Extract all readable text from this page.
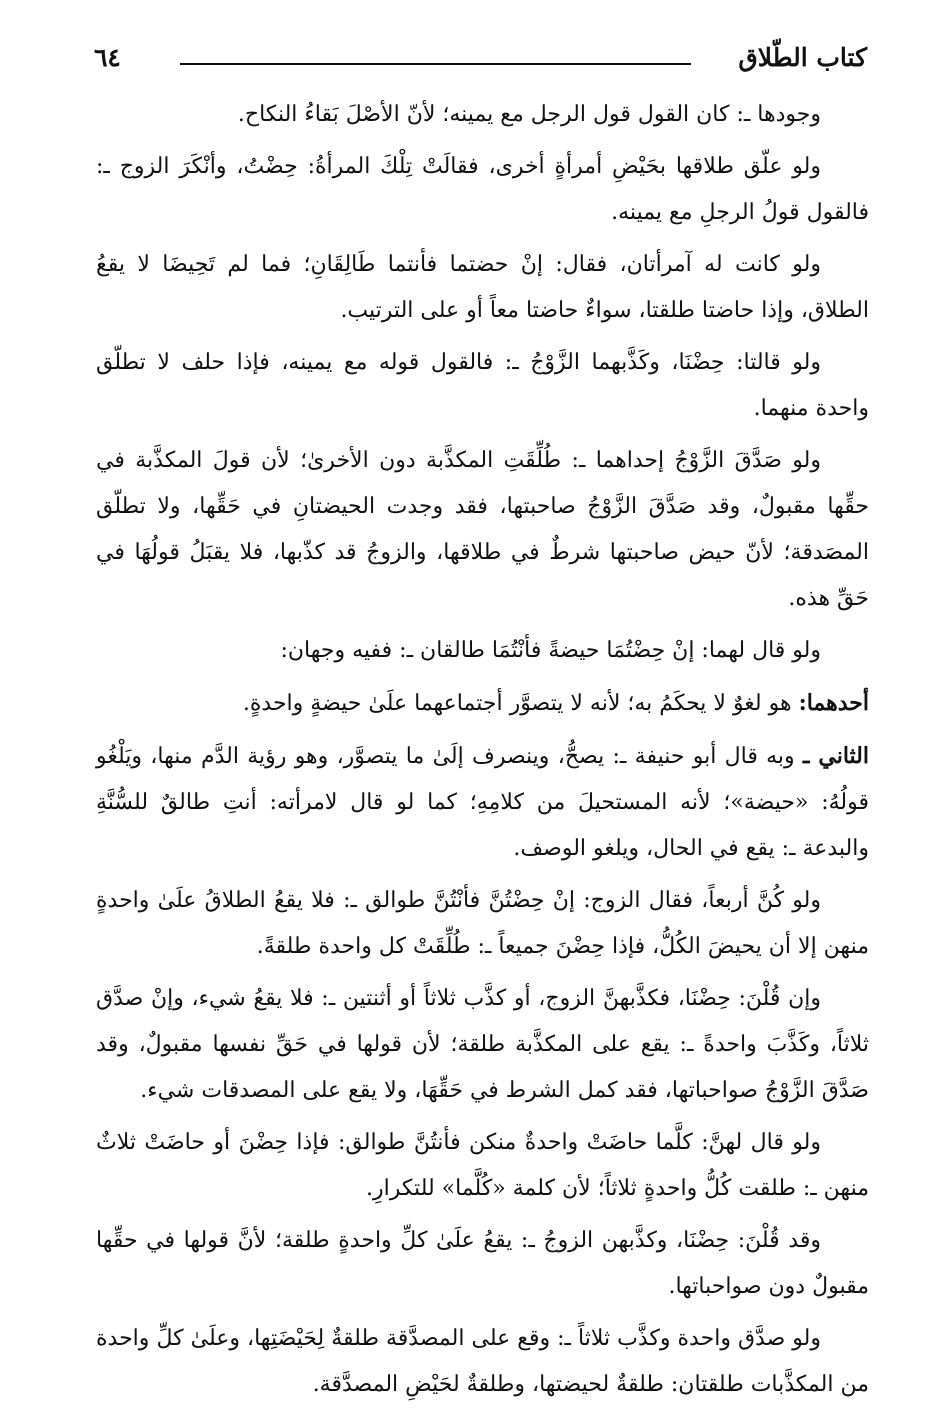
كتاب الطّلاق
٦٤

وجودها ـ: كان القول قول الرجل مع يمينه؛ لأنّ الأصْلَ بَقاءُ النكاح.

ولو علّق طلاقها بحَيْضِ أمرأةٍ أخرى، فقالَتْ تِلْكَ المرأةُ: حِضْتُ، وأنْكَرَ الزوج ـ: فالقول قولُ الرجلِ مع يمينه.

ولو كانت له آمرأتان، فقال: إنْ حضتما فأنتما طَالِقَانِ؛ فما لم تَحِيضَا لا يقعُ الطلاق، وإذا حاضتا طلقتا، سواءٌ حاضتا معاً أو على الترتيب.

ولو قالتا: حِضْنَا، وكَذَّبهما الزَّوْجُ ـ: فالقول قوله مع يمينه، فإذا حلف لا تطلّق واحدة منهما.

ولو صَدَّقَ الزَّوْجُ إحداهما ـ: طُلِّقَتِ المكذَّبة دون الأخرىٰ؛ لأن قولَ المكذَّبة في حقِّها مقبولٌ، وقد صَدَّقَ الزَّوْجُ صاحبتها، فقد وجدت الحيضتانِ في حَقِّها، ولا تطلّق المصَدقة؛ لأنّ حيض صاحبتها شرطٌ في طلاقها، والزوجُ قد كذّبها، فلا يقبَلُ قولُهَا في حَقِّ هذه.

ولو قال لهما: إنْ حِضْتُمَا حيضةً فأنْتُمَا طالقان ـ: ففيه وجهان:

أحدهما: هو لغوٌ لا يحكَمُ به؛ لأنه لا يتصوَّر أجتماعهما علَىٰ حيضةٍ واحدةٍ.

الثاني ـ وبه قال أبو حنيفة ـ: يصحُّ، وينصرف إلَىٰ ما يتصوَّر، وهو رؤية الدَّم منها، ويَلْغُو قولُهُ: «حيضة»؛ لأنه المستحيلَ من كلامِهِ؛ كما لو قال لامرأته: أنتِ طالقٌ للسُّنَّةِ والبدعة ـ: يقع في الحال، ويلغو الوصف.

ولو كُنَّ أربعاً، فقال الزوج: إنْ حِضْتُنَّ فأنْتُنَّ طوالق ـ: فلا يقعُ الطلاقُ علَىٰ واحدةٍ منهن إلا أن يحيضَ الكُلُّ، فإذا حِضْنَ جميعاً ـ: طُلِّقَتْ كل واحدة طلقةً.

وإن قُلْنَ: حِضْنَا، فكذَّبهنَّ الزوج، أو كذَّب ثلاثاً أو أثنتين ـ: فلا يقعُ شيء، وإنْ صدَّق ثلاثاً، وكَذَّبَ واحدةً ـ: يقع على المكذَّبة طلقة؛ لأن قولها في حَقِّ نفسها مقبولٌ، وقد صَدَّقَ الزَّوْجُ صواحباتها، فقد كمل الشرط في حَقِّهَا، ولا يقع على المصدقات شيء.

ولو قال لهنَّ: كلَّما حاضَتْ واحدةٌ منكن فأنتُنَّ طوالق: فإذا حِضْنَ أو حاضَتْ ثلاثٌ منهن ـ: طلقت كُلُّ واحدةٍ ثلاثاً؛ لأن كلمة «كُلَّما» للتكرارِ.

وقد قُلْنَ: حِضْنَا، وكذَّبهن الزوجُ ـ: يقعُ علَىٰ كلِّ واحدةٍ طلقة؛ لأنَّ قولها في حقِّها مقبولٌ دون صواحباتها.

ولو صدَّق واحدة وكذَّب ثلاثاً ـ: وقع على المصدَّقة طلقةٌ لِحَيْضَتِها، وعلَىٰ كلِّ واحدة من المكذَّبات طلقتان: طلقةٌ لحيضتها، وطلقةٌ لحَيْضِ المصدَّقة.
